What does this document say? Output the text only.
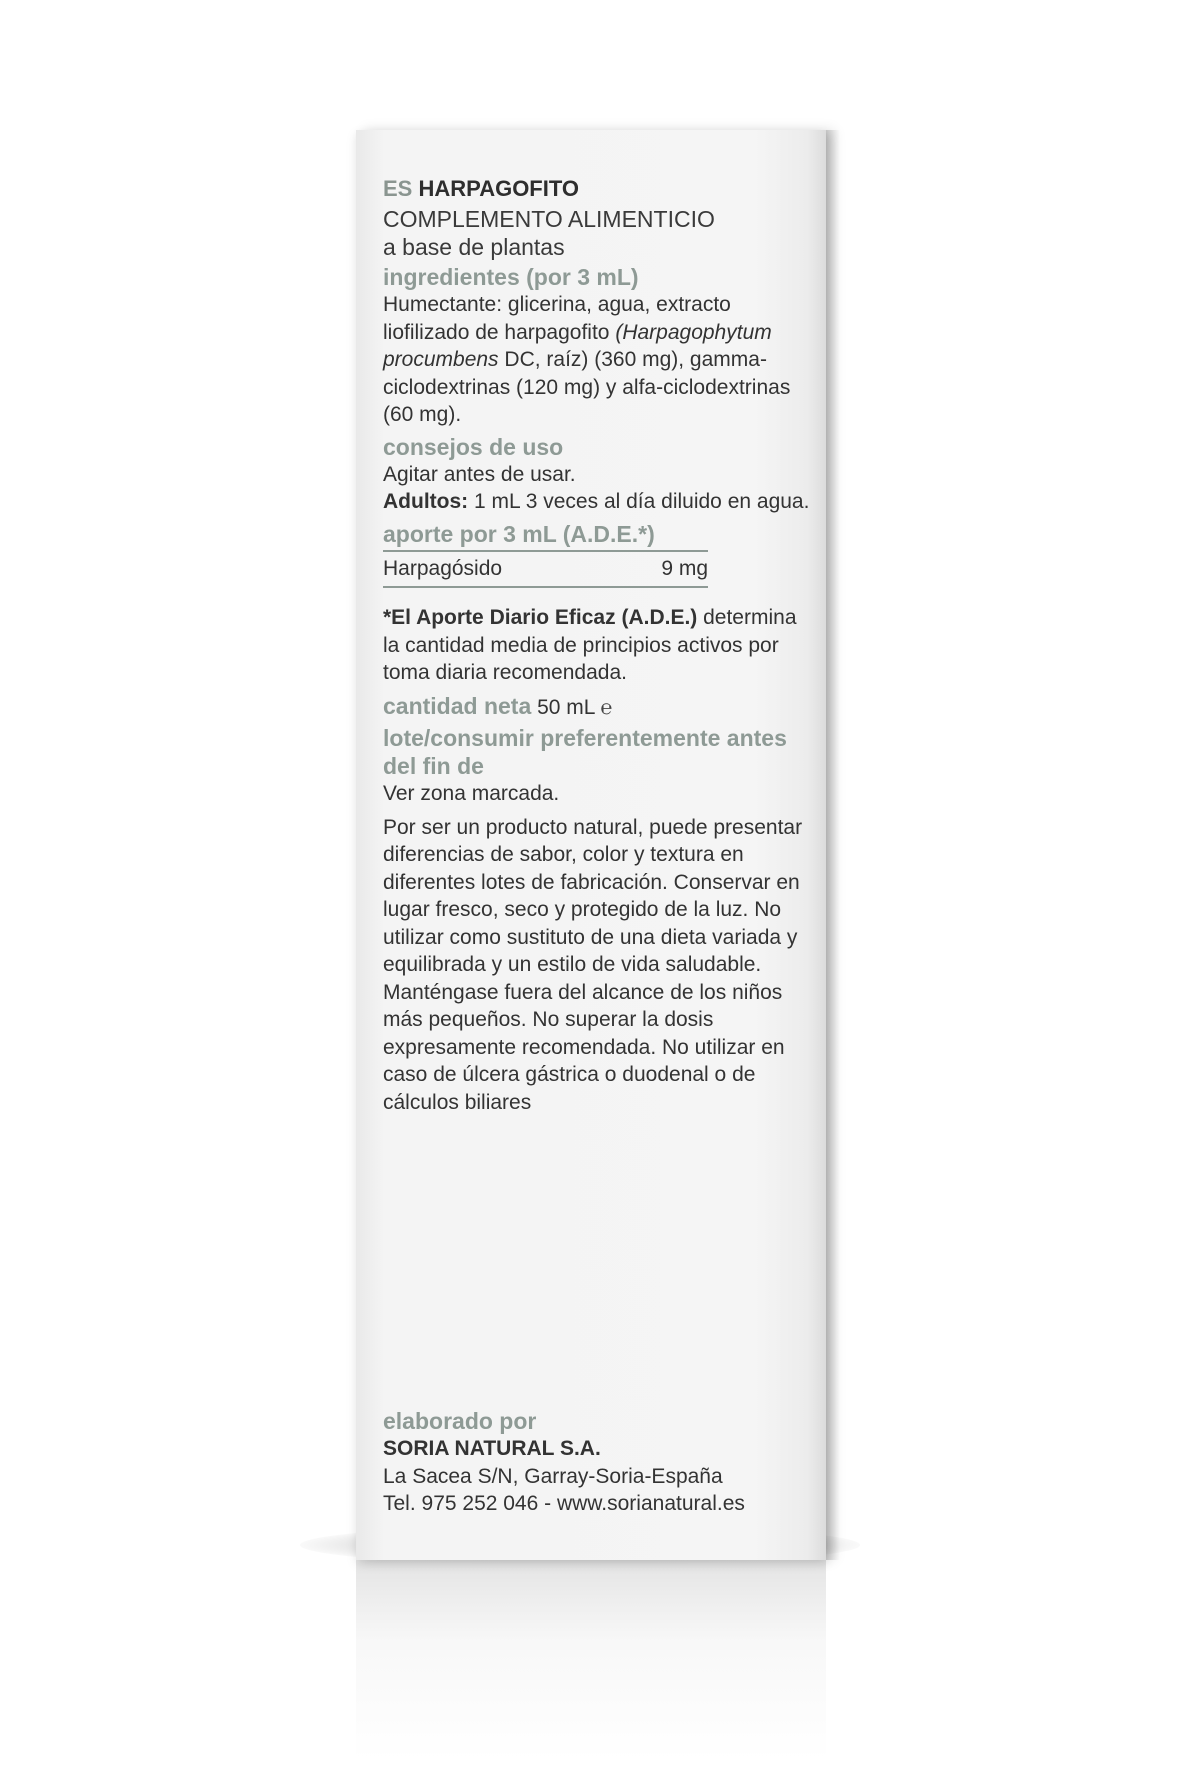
ES HARPAGOFITO
COMPLEMENTO ALIMENTICIO
a base de plantas
ingredientes (por 3 mL)
Humectante: glicerina, agua, extracto liofilizado de harpagofito (Harpagophytum procumbens DC, raíz) (360 mg), gamma-ciclodextrinas (120 mg) y alfa-ciclodextrinas (60 mg).
consejos de uso
Agitar antes de usar.
Adultos: 1 mL 3 veces al día diluido en agua.
aporte por 3 mL (A.D.E.*)
Harpagósido	9 mg
*El Aporte Diario Eficaz (A.D.E.) determina la cantidad media de principios activos por toma diaria recomendada.
cantidad neta 50 mL ℮
lote/consumir preferentemente antes del fin de
Ver zona marcada.
Por ser un producto natural, puede presentar diferencias de sabor, color y textura en diferentes lotes de fabricación. Conservar en lugar fresco, seco y protegido de la luz. No utilizar como sustituto de una dieta variada y equilibrada y un estilo de vida saludable. Manténgase fuera del alcance de los niños más pequeños. No superar la dosis expresamente recomendada. No utilizar en caso de úlcera gástrica o duodenal o de cálculos biliares
elaborado por
SORIA NATURAL S.A.
La Sacea S/N, Garray-Soria-España
Tel. 975 252 046 - www.sorianatural.es
